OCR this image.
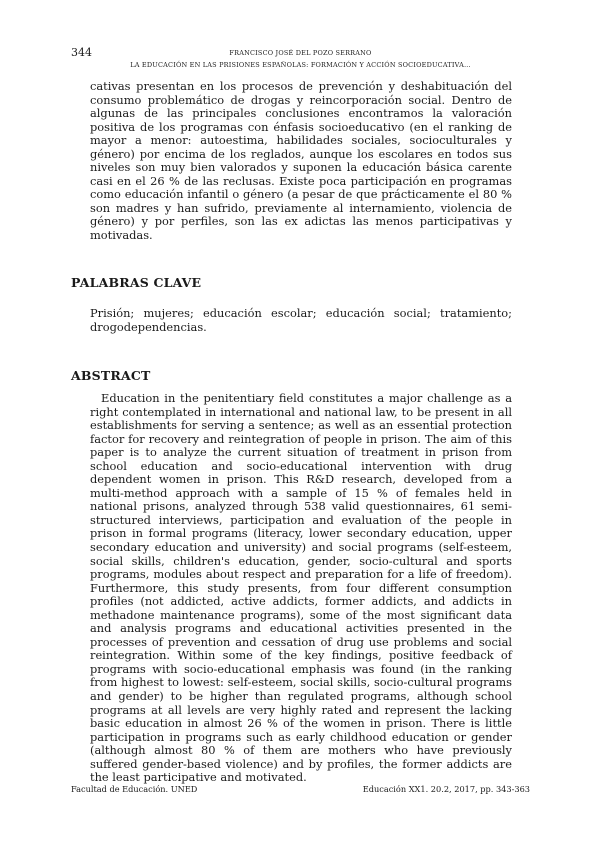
344	FRANCISCO JOSÉ DEL POZO SERRANO
LA EDUCACIÓN EN LAS PRISIONES ESPAÑOLAS: FORMACIÓN Y ACCIÓN SOCIOEDUCATIVA…
cativas presentan en los procesos de prevención y deshabituación del consumo problemático de drogas y reincorporación social. Dentro de algunas de las principales conclusiones encontramos la valoración positiva de los programas con énfasis socioeducativo (en el ranking de mayor a menor: autoestima, habilidades sociales, socioculturales y género) por encima de los reglados, aunque los escolares en todos sus niveles son muy bien valorados y suponen la educación básica carente casi en el 26 % de las reclusas. Existe poca participación en programas como educación infantil o género (a pesar de que prácticamente el 80 % son madres y han sufrido, previamente al internamiento, violencia de género) y por perfiles, son las ex adictas las menos participativas y motivadas.
PALABRAS CLAVE
Prisión; mujeres; educación escolar; educación social; tratamiento; drogodependencias.
ABSTRACT
Education in the penitentiary field constitutes a major challenge as a right contemplated in international and national law, to be present in all establishments for serving a sentence; as well as an essential protection factor for recovery and reintegration of people in prison. The aim of this paper is to analyze the current situation of treatment in prison from school education and socio-educational intervention with drug dependent women in prison. This R&D research, developed from a multi-method approach with a sample of 15 % of females held in national prisons, analyzed through 538 valid questionnaires, 61 semi-structured interviews, participation and evaluation of the people in prison in formal programs (literacy, lower secondary education, upper secondary education and university) and social programs (self-esteem, social skills, children's education, gender, socio-cultural and sports programs, modules about respect and preparation for a life of freedom). Furthermore, this study presents, from four different consumption profiles (not addicted, active addicts, former addicts, and addicts in methadone maintenance programs), some of the most significant data and analysis programs and educational activities presented in the processes of prevention and cessation of drug use problems and social reintegration. Within some of the key findings, positive feedback of programs with socio-educational emphasis was found (in the ranking from highest to lowest: self-esteem, social skills, socio-cultural programs and gender) to be higher than regulated programs, although school programs at all levels are very highly rated and represent the lacking basic education in almost 26 % of the women in prison. There is little participation in programs such as early childhood education or gender (although almost 80 % of them are mothers who have previously suffered gender-based violence) and by profiles, the former addicts are the least participative and motivated.
Facultad de Educación. UNED	Educación XX1. 20.2, 2017, pp. 343-363
